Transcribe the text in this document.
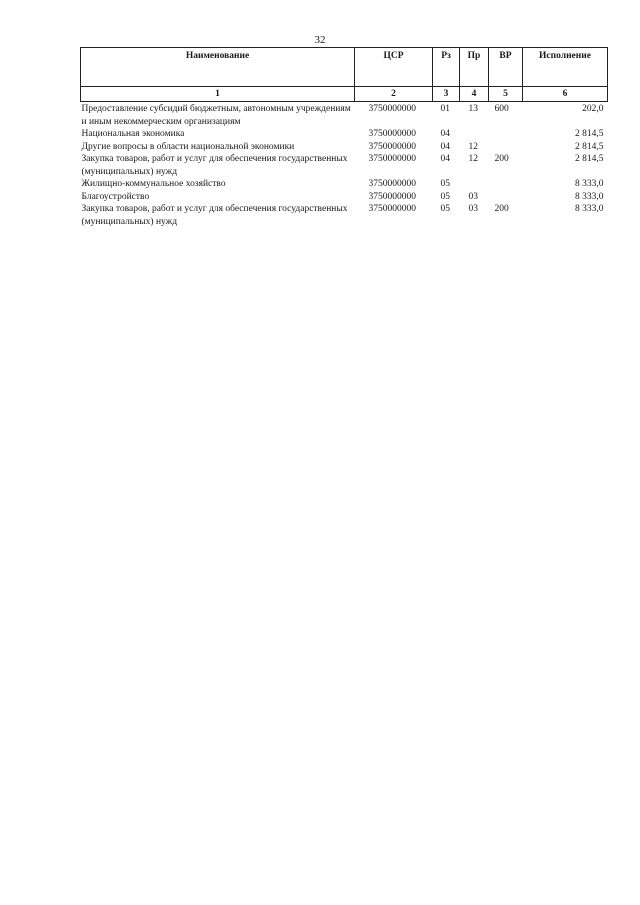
32
Наименование	ЦСР	Рз	Пр	ВР	Исполнение
1	2	3	4	5	6
Предоставление субсидий бюджетным, автономным учреждениям и иным некоммерческим организациям	3750000000	01	13	600	202,0
Национальная экономика	3750000000	04			2 814,5
Другие вопросы в области национальной экономики	3750000000	04	12		2 814,5
Закупка товаров, работ и услуг для обеспечения государственных (муниципальных) нужд	3750000000	04	12	200	2 814,5
Жилищно-коммунальное хозяйство	3750000000	05			8 333,0
Благоустройство	3750000000	05	03		8 333,0
Закупка товаров, работ и услуг для обеспечения государственных (муниципальных) нужд	3750000000	05	03	200	8 333,0
